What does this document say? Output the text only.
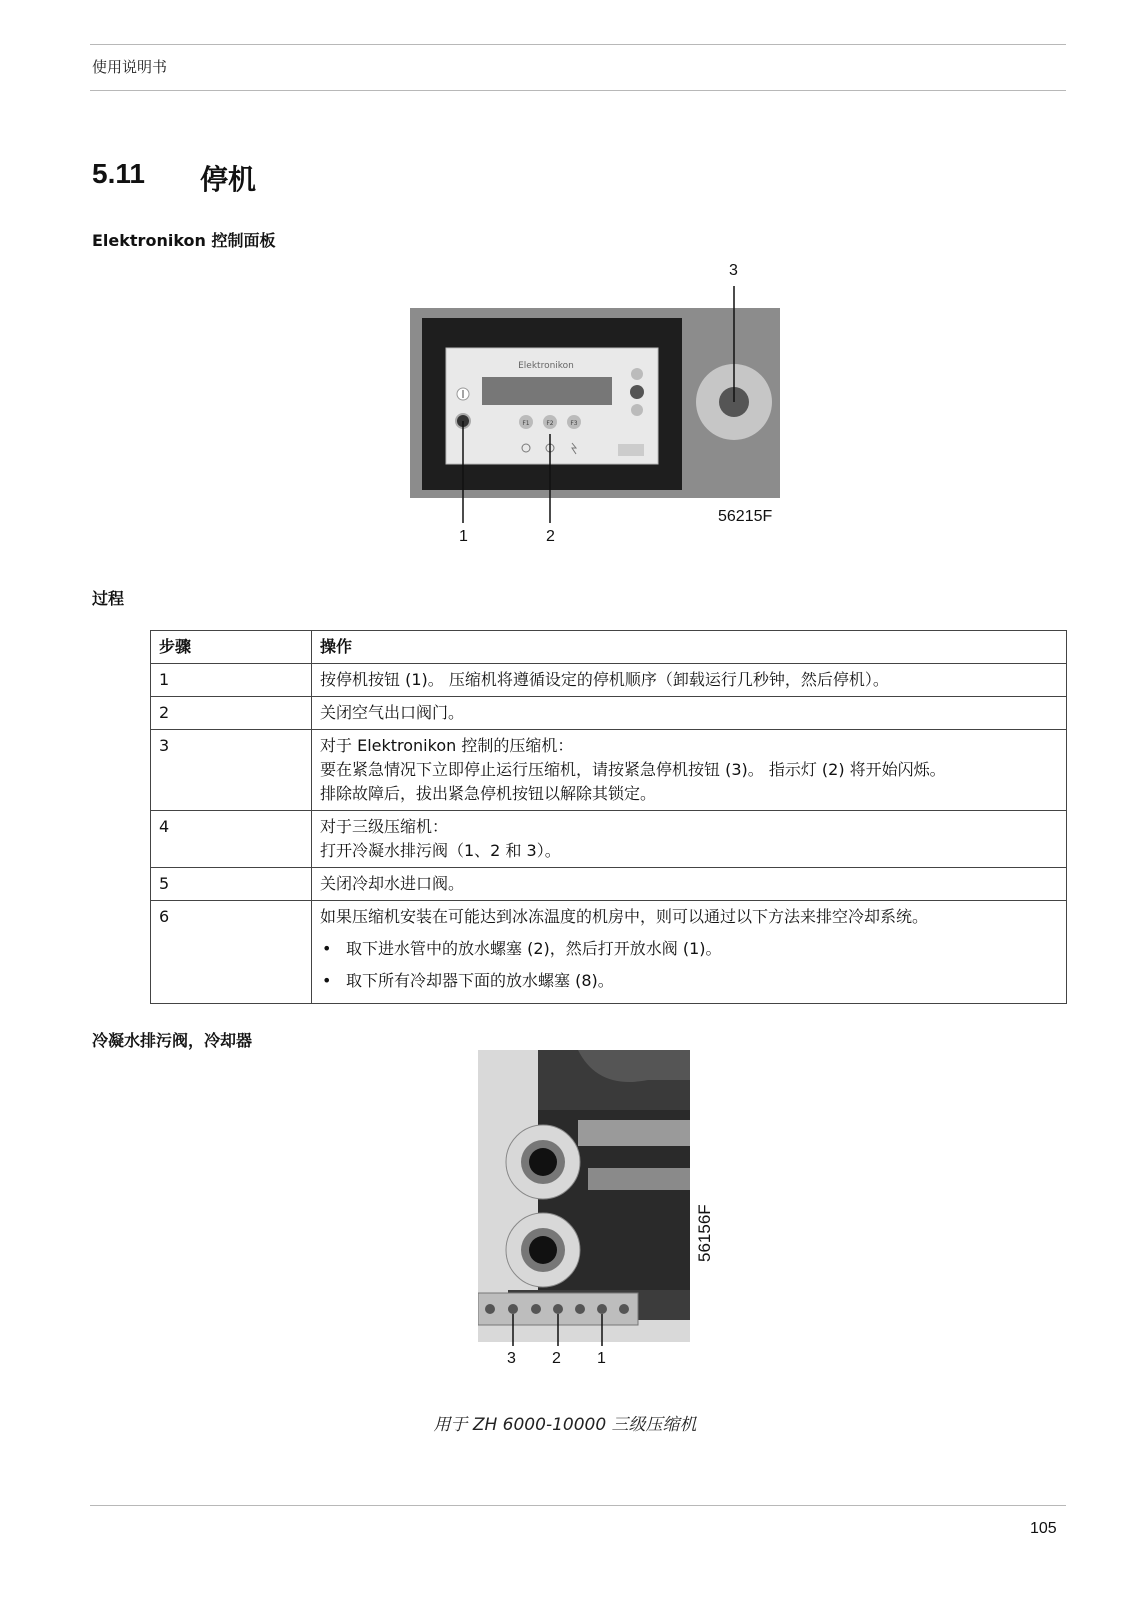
使用说明书
5.11 停机
Elektronikon 控制面板
Elektronikon
F1	F2	F3
3
1	2
56215F
过程
步骤	操作
1	按停机按钮 (1)。 压缩机将遵循设定的停机顺序（卸载运行几秒钟，然后停机）。

2	关闭空气出口阀门。

3	对于 Elektronikon 控制的压缩机：
要在紧急情况下立即停止运行压缩机，请按紧急停机按钮 (3)。 指示灯 (2) 将开始闪烁。
排除故障后，拔出紧急停机按钮以解除其锁定。

4	对于三级压缩机：
打开冷凝水排污阀（1、2 和 3）。

5	关闭冷却水进口阀。

6	如果压缩机安装在可能达到冰冻温度的机房中，则可以通过以下方法来排空冷却系统。
• 取下进水管中的放水螺塞 (2)，然后打开放水阀 (1)。
• 取下所有冷却器下面的放水螺塞 (8)。
冷凝水排污阀，冷却器
56156F
3 2 1
用于 ZH 6000-10000 三级压缩机
105
